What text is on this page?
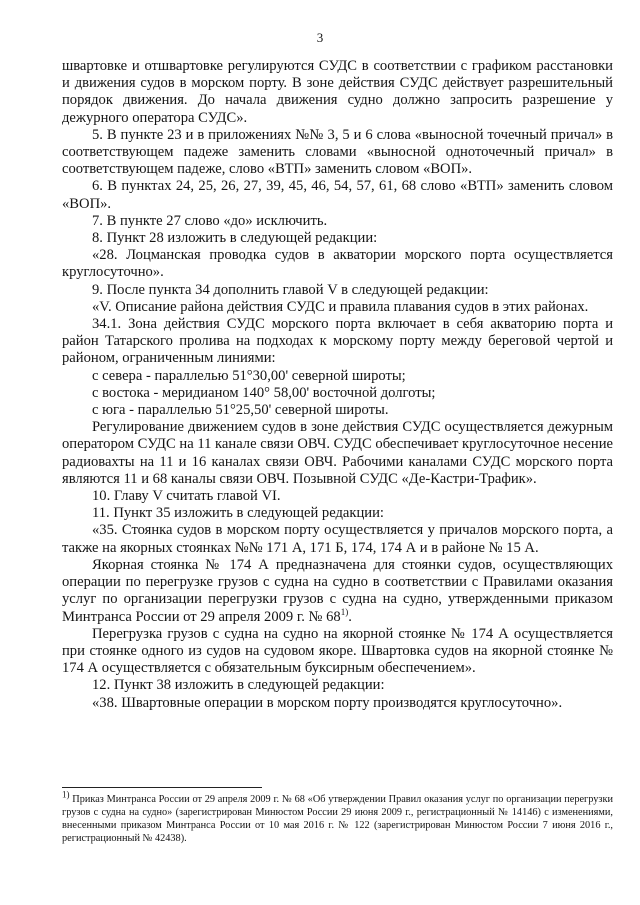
3

швартовке и отшвартовке регулируются СУДС в соответствии с графиком расстановки и движения судов в морском порту. В зоне действия СУДС действует разрешительный порядок движения. До начала движения судно должно запросить разрешение у дежурного оператора СУДС».

5. В пункте 23 и в приложениях №№ 3, 5 и 6 слова «выносной точечный причал» в соответствующем падеже заменить словами «выносной одноточечный причал» в соответствующем падеже, слово «ВТП» заменить словом «ВОП».

6. В пунктах 24, 25, 26, 27, 39, 45, 46, 54, 57, 61, 68 слово «ВТП» заменить словом «ВОП».

7. В пункте 27 слово «до» исключить.

8. Пункт 28 изложить в следующей редакции:

«28. Лоцманская проводка судов в акватории морского порта осуществляется круглосуточно».

9. После пункта 34 дополнить главой V в следующей редакции:

«V. Описание района действия СУДС и правила плавания судов в этих районах.

34.1. Зона действия СУДС морского порта включает в себя акваторию порта и район Татарского пролива на подходах к морскому порту между береговой чертой и районом, ограниченным линиями:

с севера - параллелью 51°30,00' северной широты;

с востока - меридианом 140° 58,00' восточной долготы;

с юга - параллелью 51°25,50' северной широты.

Регулирование движением судов в зоне действия СУДС осуществляется дежурным оператором СУДС на 11 канале связи ОВЧ. СУДС обеспечивает круглосуточное несение радиовахты на 11 и 16 каналах связи ОВЧ. Рабочими каналами СУДС морского порта являются 11 и 68 каналы связи ОВЧ. Позывной СУДС «Де-Кастри-Трафик».

10. Главу V считать главой VI.

11. Пункт 35 изложить в следующей редакции:

«35. Стоянка судов в морском порту осуществляется у причалов морского порта, а также на якорных стоянках №№ 171 А, 171 Б, 174, 174 А и в районе № 15 А.

Якорная стоянка № 174 А предназначена для стоянки судов, осуществляющих операции по перегрузке грузов с судна на судно в соответствии с Правилами оказания услуг по организации перегрузки грузов с судна на судно, утвержденными приказом Минтранса России от 29 апреля 2009 г. № 68$^{1)}$.

Перегрузка грузов с судна на судно на якорной стоянке № 174 А осуществляется при стоянке одного из судов на судовом якоре. Швартовка судов на якорной стоянке № 174 А осуществляется с обязательным буксирным обеспечением».

12. Пункт 38 изложить в следующей редакции:

«38. Швартовные операции в морском порту производятся круглосуточно».

$^{1)}$ Приказ Минтранса России от 29 апреля 2009 г. № 68 «Об утверждении Правил оказания услуг по организации перегрузки грузов с судна на судно» (зарегистрирован Минюстом России 29 июня 2009 г., регистрационный № 14146) с изменениями, внесенными приказом Минтранса России от 10 мая 2016 г. № 122 (зарегистрирован Минюстом России 7 июня 2016 г., регистрационный № 42438).
